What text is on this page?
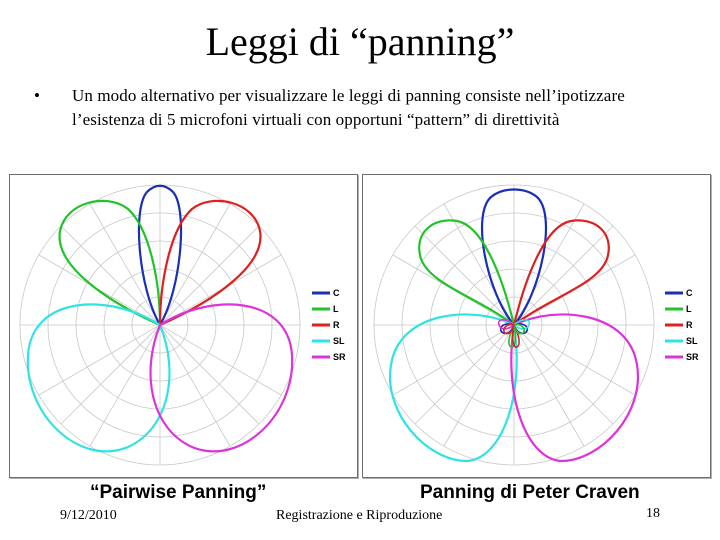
Leggi di “panning”
•	Un modo alternativo per visualizzare le leggi di panning consiste nell’ipotizzare l’esistenza di 5 microfoni virtuali con opportuni “pattern” di direttività
C
L
R
SL
SR
C
L
R
SL
SR
“Pairwise Panning”	Panning di Peter Craven
9/12/2010	Registrazione e Riproduzione	18
